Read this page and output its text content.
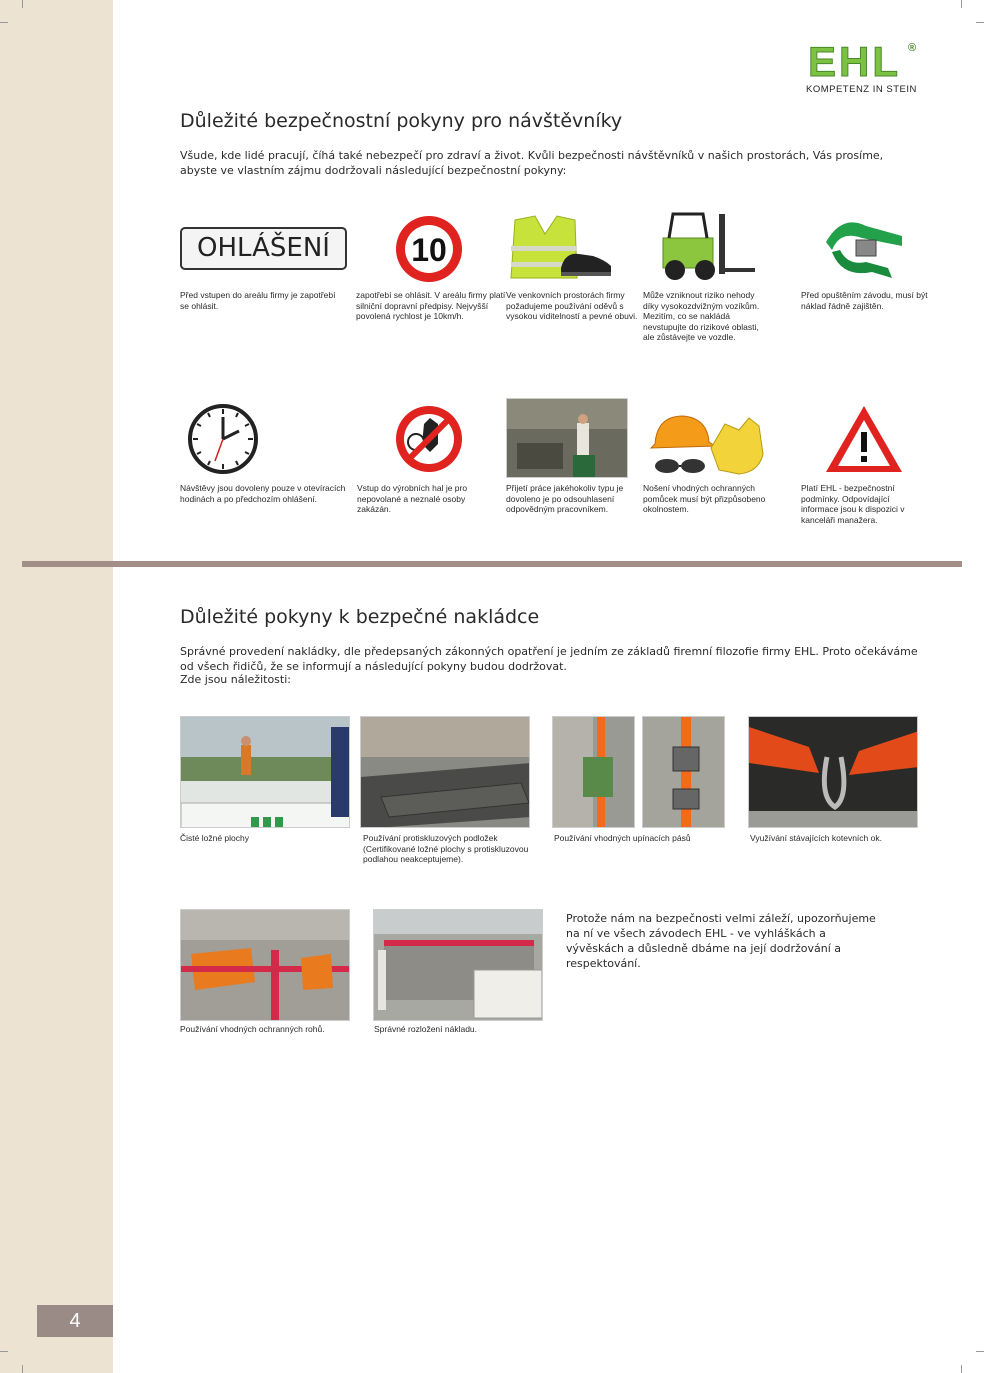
EHL ®
KOMPETENZ IN STEIN
Důležité bezpečnostní pokyny pro návštěvníky

Všude, kde lidé pracují, číhá také nebezpečí pro zdraví a život. Kvůli bezpečnosti návštěvníků v našich prostorách, Vás prosíme, abyste ve vlastním zájmu dodržovali následující bezpečnostní pokyny:

OHLÁŠENÍ	10

Před vstupen do areálu firmy je zapotřebí se ohlásit.

zapotřebí se ohlásit. V areálu firmy platí silniční dopravní předpisy. Nejvyšší povolená rychlost je 10km/h.

Ve venkovních prostorách firmy požadujeme používání oděvů s vysokou viditelností a pevné obuvi.

Může vzniknout riziko nehody díky vysokozdvižným vozíkům. Mezitím, co se nakládá nevstupujte do rizikové oblasti, ale zůstávejte ve vozdle.

Před opuštěním závodu, musí být náklad řádně zajištěn.

Návštěvy jsou dovoleny pouze v otevíracích hodinách a po předchozím ohlášení.

Vstup do výrobních hal je pro nepovolané a neznalé osoby zakázán.

Přijetí práce jakéhokoliv typu je dovoleno je po odsouhlasení odpovědným pracovníkem.

Nošení vhodných ochranných pomůcek musí být přizpůsobeno okolnostem.

Platí EHL - bezpečnostní podmínky. Odpovídající informace jsou k dispozici v kanceláři manažera.

Důležité pokyny k bezpečné nakládce

Správné provedení nakládky, dle předepsaných zákonných opatření je jedním ze základů firemní filozofie firmy EHL. Proto očekáváme od všech řidičů, že se informují a následující pokyny budou dodržovat.

Zde jsou náležitosti:

Čisté ložné plochy	Používání protiskluzových podložek (Certifikované ložné plochy s protiskluzovou podlahou neakceptujeme).

Používání vhodných upínacích pásů	Využívání stávajících kotevních ok.

Používání vhodných ochranných rohů.	Správné rozložení nákladu.

Protože nám na bezpečnosti velmi záleží, upozorňujeme na ní ve všech závodech EHL - ve vyhláškách a vývěskách a důsledně dbáme na její dodržování a respektování.

4
